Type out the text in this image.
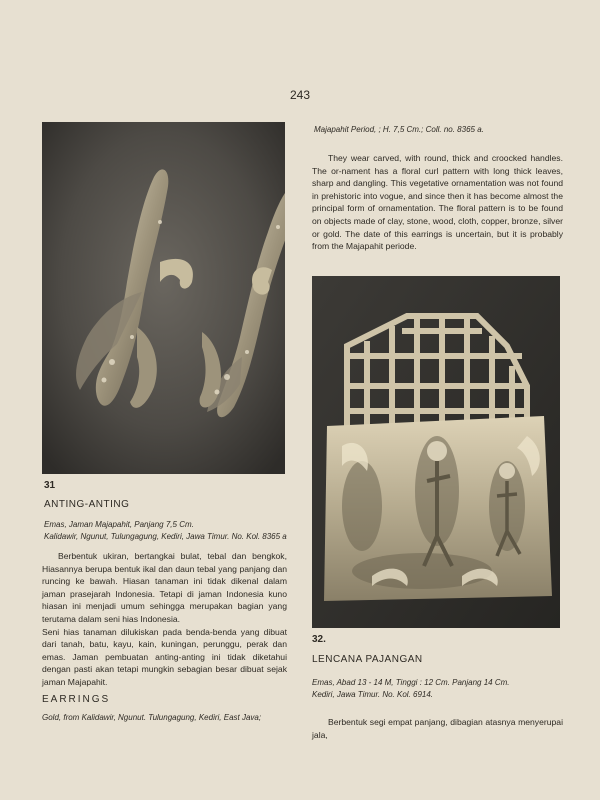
243
31
ANTING-ANTING
Emas, Jaman Majapahit, Panjang 7,5 Cm.
Kalidawir, Ngunut, Tulungagung, Kediri, Jawa Timur. No. Kol. 8365 a

Berbentuk ukiran, bertangkai bulat, tebal dan bengkok, Hiasannya berupa bentuk ikal dan daun tebal yang panjang dan runcing ke bawah. Hiasan tanaman ini tidak dikenal dalam jaman prasejarah Indonesia. Tetapi di jaman Indonesia kuno hiasan ini menjadi umum sehingga merupakan bagian yang terutama dalam seni hias Indonesia.

Seni hias tanaman dilukiskan pada benda-benda yang dibuat dari tanah, batu, kayu, kain, kuningan, perunggu, perak dan emas. Jaman pembuatan anting-anting ini tidak diketahui dengan pasti akan tetapi mungkin sebagian besar dibuat sejak jaman Majapahit.

EARRINGS
Gold, from Kalidawir, Ngunut. Tulungagung, Kediri, East Java;
Majapahit Period, ; H. 7,5 Cm.; Coll. no. 8365 a.
They wear carved, with round, thick and croocked handles. The or-nament has a floral curl pattern with long thick leaves, sharp and dangling. This vegetative ornamentation was not found in prehistoric into vogue, and since then it has become almost the principal form of ornamentation. The floral pattern is to be found on objects made of clay, stone, wood, cloth, copper, bronze, silver or gold. The date of this earrings is uncertain, but it is probably from the Majapahit periode.
32.
LENCANA PAJANGAN
Emas, Abad 13 - 14 M, Tinggi : 12 Cm. Panjang 14 Cm.
Kediri, Jawa Timur. No. Kol. 6914.
Berbentuk segi empat panjang, dibagian atasnya menyerupai jala,
